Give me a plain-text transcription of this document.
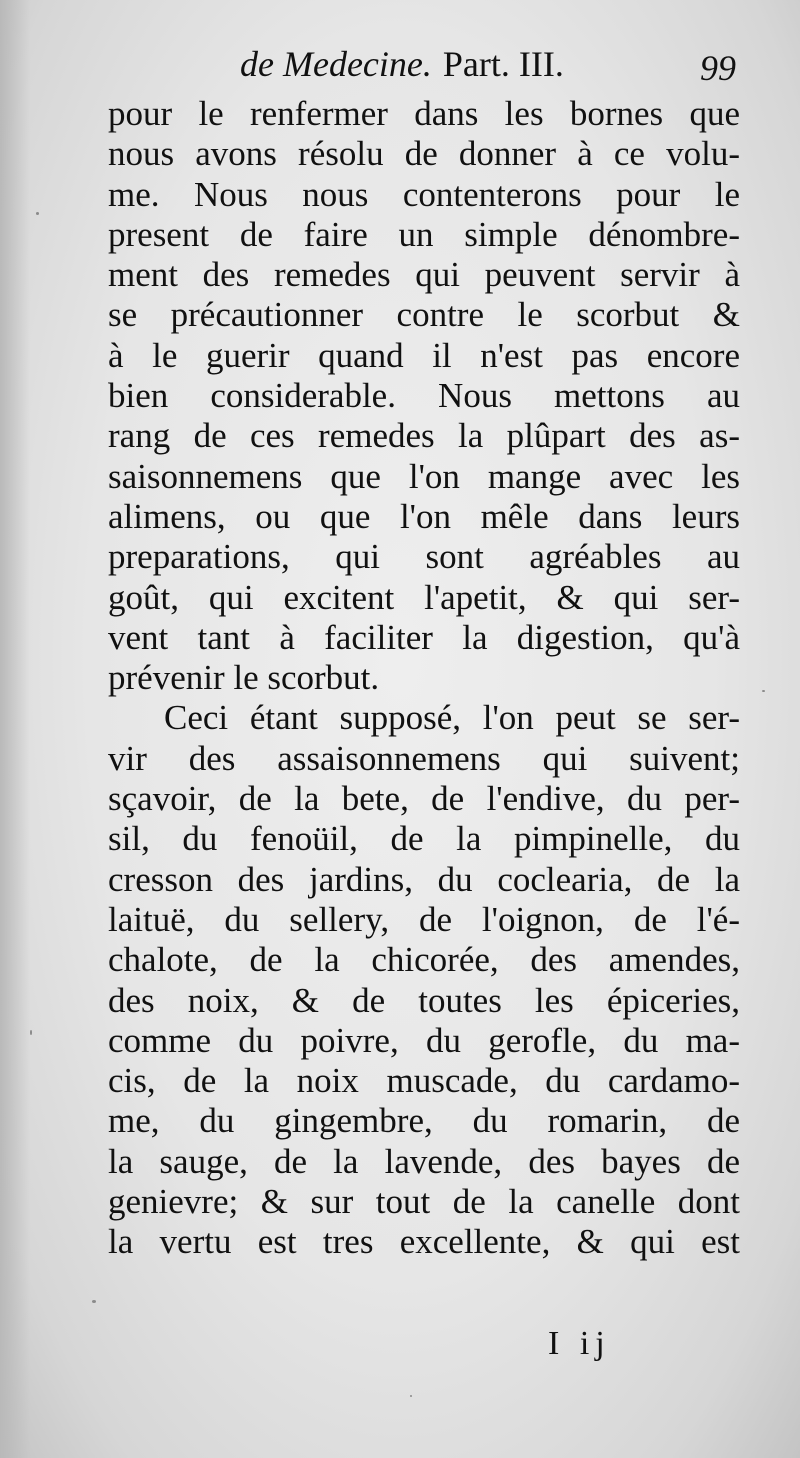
de Medecine. Part. III.	99
pour le renfermer dans les bornes que
nous avons résolu de donner à ce volu-
me. Nous nous contenterons pour le
present de faire un simple dénombre-
ment des remedes qui peuvent servir à
se précautionner contre le scorbut &
à le guerir quand il n'est pas encore
bien considerable. Nous mettons au
rang de ces remedes la plûpart des as-
saisonnemens que l'on mange avec les
alimens, ou que l'on mêle dans leurs
preparations, qui sont agréables au
goût, qui excitent l'apetit, & qui ser-
vent tant à faciliter la digestion, qu'à
prévenir le scorbut.
Ceci étant supposé, l'on peut se ser-
vir des assaisonnemens qui suivent;
sçavoir, de la bete, de l'endive, du per-
sil, du fenoüil, de la pimpinelle, du
cresson des jardins, du coclearia, de la
laituë, du sellery, de l'oignon, de l'é-
chalote, de la chicorée, des amendes,
des noix, & de toutes les épiceries,
comme du poivre, du gerofle, du ma-
cis, de la noix muscade, du cardamo-
me, du gingembre, du romarin, de
la sauge, de la lavende, des bayes de
genievre; & sur tout de la canelle dont
la vertu est tres excellente, & qui est
I ij
